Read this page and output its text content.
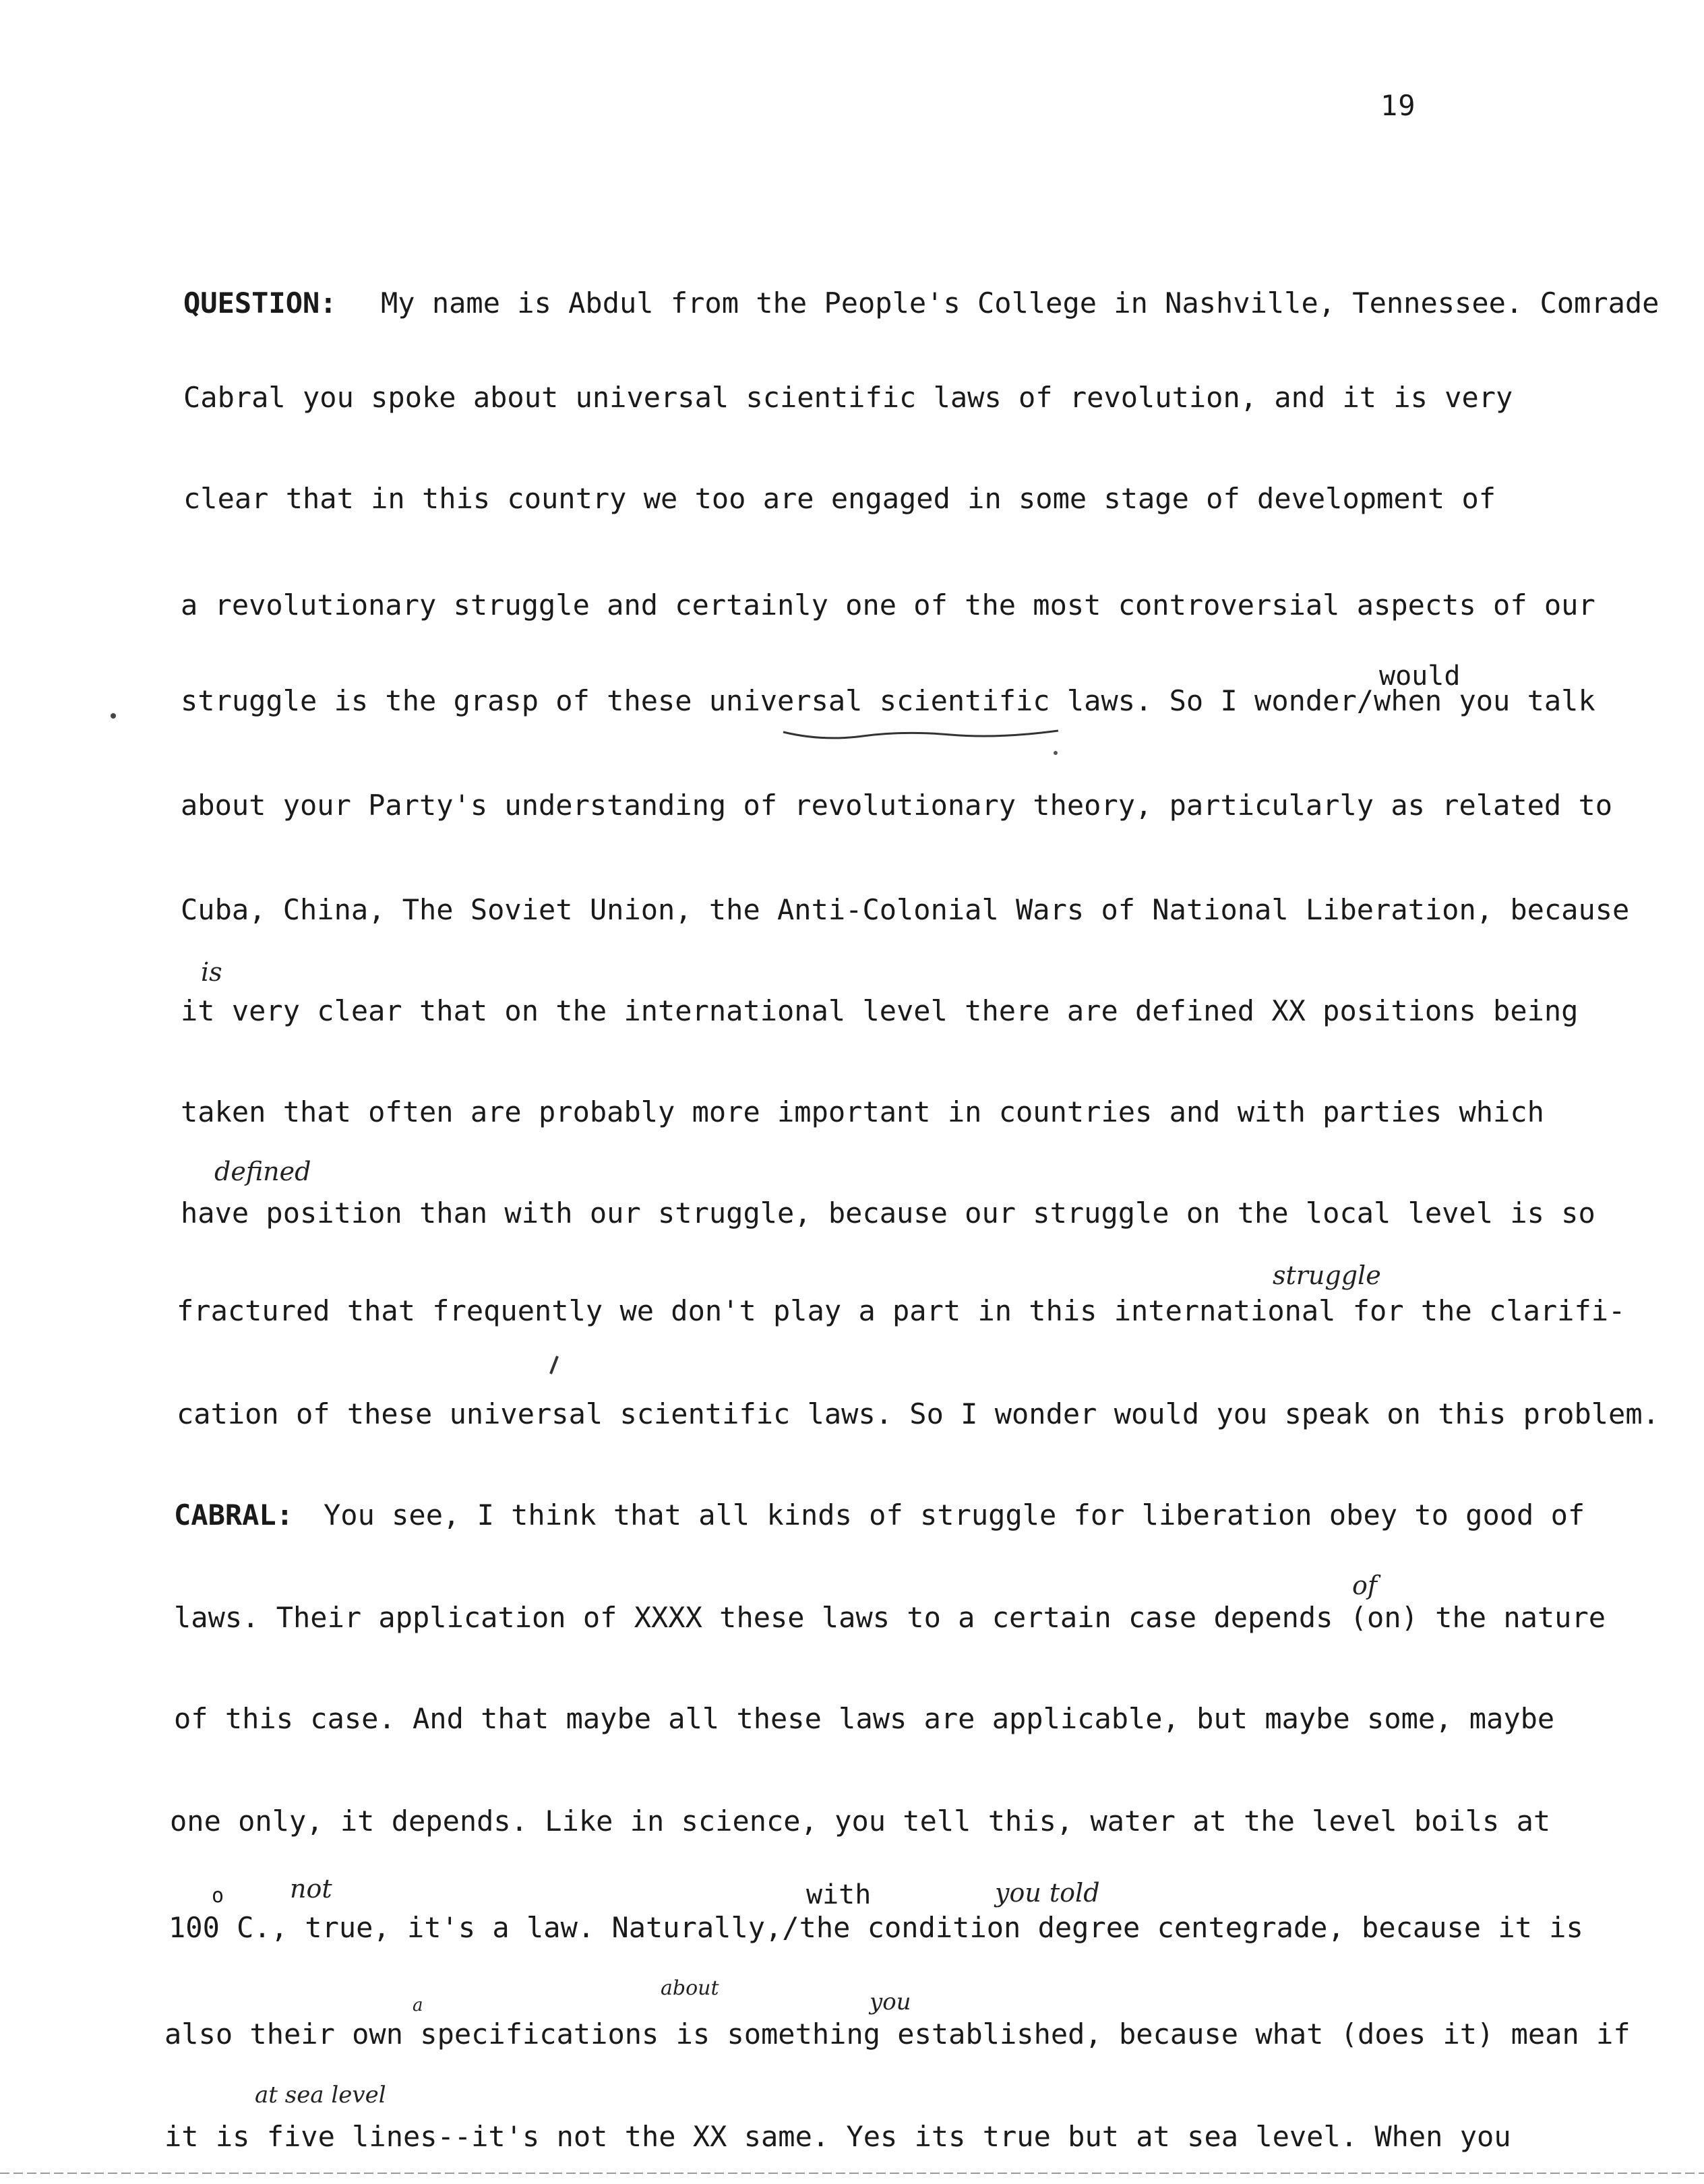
19
QUESTION: My name is Abdul from the People's College in Nashville, Tennessee. Comrade
Cabral you spoke about universal scientific laws of revolution, and it is very
clear that in this country we too are engaged in some stage of development of
a revolutionary struggle and certainly one of the most controversial aspects of our
struggle is the grasp of these universal scientific laws. So I wonder/when you talk
about your Party's understanding of revolutionary theory, particularly as related to
Cuba, China, The Soviet Union, the Anti-Colonial Wars of National Liberation, because
it very clear that on the international level there are defined XX positions being
taken that often are probably more important in countries and with parties which
have position than with our struggle, because our struggle on the local level is so
fractured that frequently we don't play a part in this international for the clarifi-
cation of these universal scientific laws. So I wonder would you speak on this problem.
CABRAL: You see, I think that all kinds of struggle for liberation obey to good of
laws. Their application of XXXX these laws to a certain case depends (on) the nature
of this case. And that maybe all these laws are applicable, but maybe some, maybe
one only, it depends. Like in science, you tell this, water at the level boils at
100 C., true, it's a law. Naturally,/the condition degree centegrade, because it is
also their own specifications is something established, because what (does it) mean if
it is five lines--it's not the XX same. Yes its true but at sea level. When you
would
is
defined
struggle
of
not
o	with	you told
about
you
a
at sea level
